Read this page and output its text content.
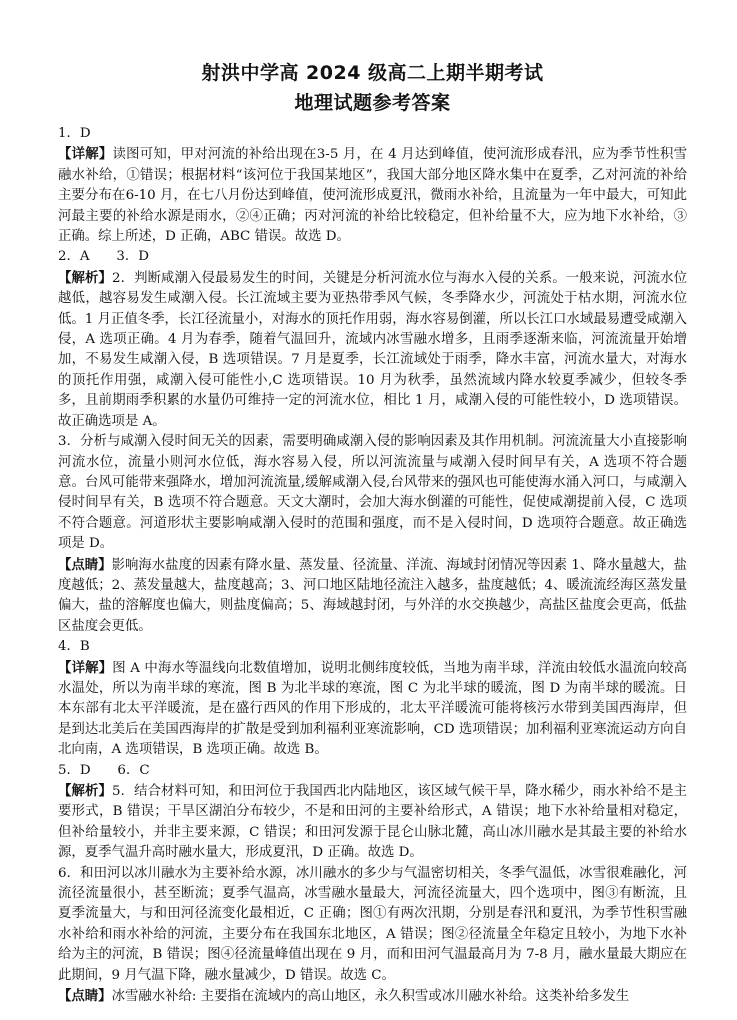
射洪中学高 2024 级高二上期半期考试
地理试题参考答案

1．D

【详解】读图可知，甲对河流的补给出现在3-5 月，在 4 月达到峰值，使河流形成春汛，应为季节性积雪融水补给，①错误；根据材料“该河位于我国某地区”，我国大部分地区降水集中在夏季，乙对河流的补给主要分布在6-10 月，在七八月份达到峰值，使河流形成夏汛，微雨水补给，且流量为一年中最大，可知此河最主要的补给水源是雨水，②④正确；丙对河流的补给比较稳定，但补给量不大，应为地下水补给，③正确。综上所述，D 正确，ABC 错误。故选 D。

2．A　　3．D

【解析】2．判断咸潮入侵最易发生的时间，关键是分析河流水位与海水入侵的关系。一般来说，河流水位越低，越容易发生咸潮入侵。长江流域主要为亚热带季风气候，冬季降水少，河流处于枯水期，河流水位低。1 月正值冬季，长江径流量小，对海水的顶托作用弱，海水容易倒灌，所以长江口水域最易遭受咸潮入侵，A 选项正确。4 月为春季，随着气温回升，流域内冰雪融水增多，且雨季逐渐来临，河流流量开始增加，不易发生咸潮入侵，B 选项错误。7 月是夏季，长江流域处于雨季，降水丰富，河流水量大，对海水的顶托作用强，咸潮入侵可能性小,C 选项错误。10 月为秋季，虽然流域内降水较夏季减少，但较冬季多，且前期雨季积累的水量仍可维持一定的河流水位，相比 1 月，咸潮入侵的可能性较小，D 选项错误。故正确选项是 A。

3．分析与咸潮入侵时间无关的因素，需要明确咸潮入侵的影响因素及其作用机制。河流流量大小直接影响河流水位，流量小则河水位低，海水容易入侵，所以河流流量与咸潮入侵时间早有关，A 选项不符合题意。台风可能带来强降水，增加河流流量,缓解咸潮入侵,台风带来的强风也可能使海水涌入河口，与咸潮入侵时间早有关，B 选项不符合题意。天文大潮时，会加大海水倒灌的可能性，促使咸潮提前入侵，C 选项不符合题意。河道形状主要影响咸潮入侵时的范围和强度，而不是入侵时间，D 选项符合题意。故正确选项是 D。

【点睛】影响海水盐度的因素有降水量、蒸发量、径流量、洋流、海域封闭情况等因素 1、降水量越大，盐度越低；2、蒸发量越大，盐度越高；3、河口地区陆地径流注入越多，盐度越低；4、暖流流经海区蒸发量偏大，盐的溶解度也偏大，则盐度偏高；5、海域越封闭，与外洋的水交换越少，高盐区盐度会更高，低盐区盐度会更低。

4．B

【详解】图 A 中海水等温线向北数值增加，说明北侧纬度较低，当地为南半球，洋流由较低水温流向较高水温处，所以为南半球的寒流，图 B 为北半球的寒流，图 C 为北半球的暖流，图 D 为南半球的暖流。日本东部有北太平洋暖流，是在盛行西风的作用下形成的，北太平洋暖流可能将核污水带到美国西海岸，但是到达北美后在美国西海岸的扩散是受到加利福利亚寒流影响，CD 选项错误；加利福利亚寒流运动方向自北向南，A 选项错误，B 选项正确。故选 B。

5．D　　6．C

【解析】5．结合材料可知，和田河位于我国西北内陆地区，该区域气候干旱，降水稀少，雨水补给不是主要形式，B 错误；干旱区湖泊分布较少，不是和田河的主要补给形式，A 错误；地下水补给量相对稳定，但补给量较小，并非主要来源，C 错误；和田河发源于昆仑山脉北麓，高山冰川融水是其最主要的补给水源，夏季气温升高时融水量大，形成夏汛，D 正确。故选 D。

6．和田河以冰川融水为主要补给水源，冰川融水的多少与气温密切相关，冬季气温低，冰雪很难融化，河流径流量很小，甚至断流；夏季气温高，冰雪融水量最大，河流径流量大，四个选项中，图③有断流，且夏季流量大，与和田河径流变化最相近，C 正确；图①有两次汛期，分别是春汛和夏汛，为季节性积雪融水补给和雨水补给的河流，主要分布在我国东北地区，A 错误；图②径流量全年稳定且较小，为地下水补给为主的河流，B 错误；图④径流量峰值出现在 9 月，而和田河气温最高月为 7-8 月，融水量最大期应在此期间，9 月气温下降，融水量减少，D 错误。故选 C。

【点睛】冰雪融水补给: 主要指在流域内的高山地区，永久积雪或冰川融水补给。这类补给多发生
